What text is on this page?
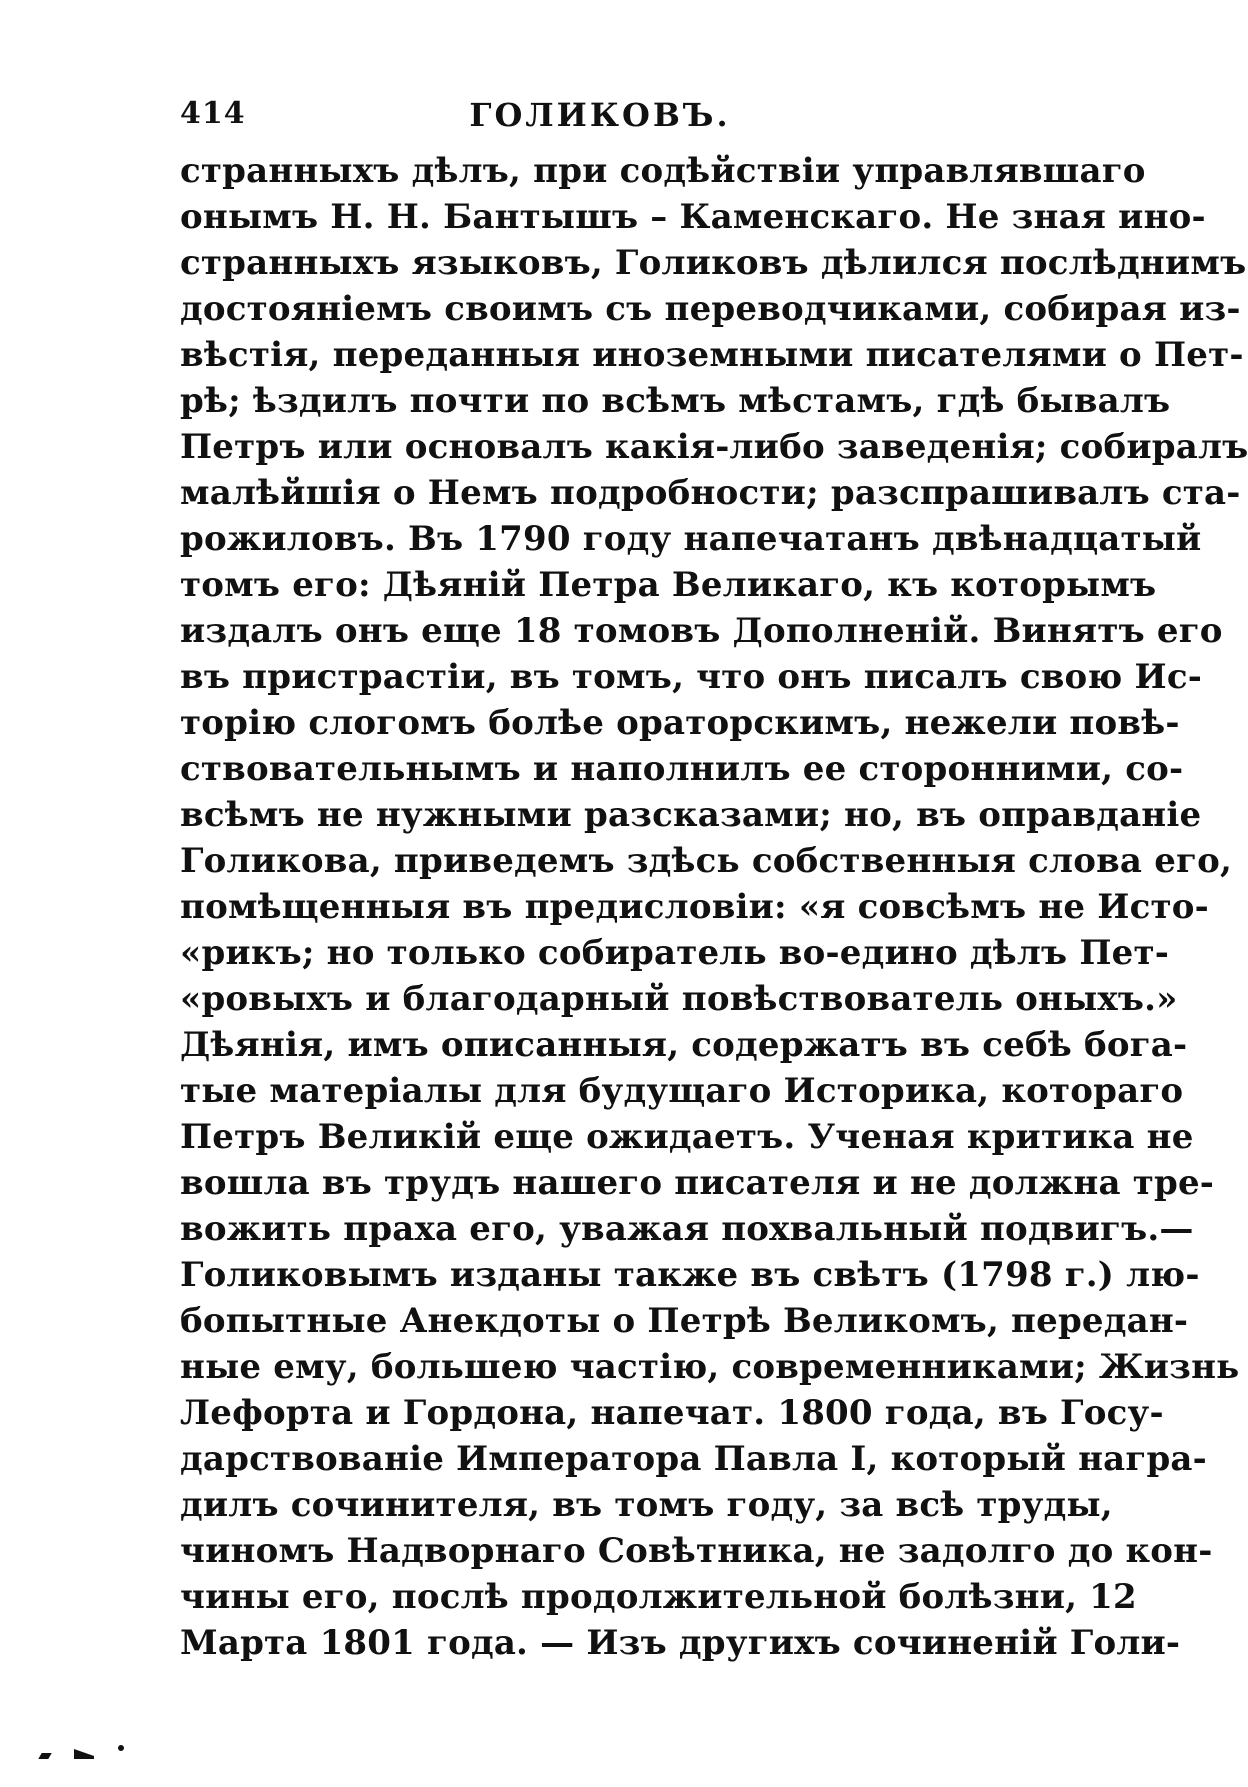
414	ГОЛИКОВЪ.
странныхъ дѣлъ, при содѣйствіи управлявшаго
онымъ Н. Н. Бантышъ – Каменскаго. Не зная ино-
странныхъ языковъ, Голиковъ дѣлился послѣднимъ
достояніемъ своимъ съ переводчиками, собирая из-
вѣстія, переданныя иноземными писателями о Пет-
рѣ; ѣздилъ почти по всѣмъ мѣстамъ, гдѣ бывалъ
Петръ или основалъ какія-либо заведенія; собиралъ
малѣйшія о Немъ подробности; разспрашивалъ ста-
рожиловъ. Въ 1790 году напечатанъ двѣнадцатый
томъ его: Дѣяній Петра Великаго, къ которымъ
издалъ онъ еще 18 томовъ Дополненій. Винятъ его
въ пристрастіи, въ томъ, что онъ писалъ свою Ис-
торію слогомъ болѣе ораторскимъ, нежели повѣ-
ствовательнымъ и наполнилъ ее сторонними, со-
всѣмъ не нужными разсказами; но, въ оправданіе
Голикова, приведемъ здѣсь собственныя слова его,
помѣщенныя въ предисловіи: «я совсѣмъ не Исто-
«рикъ; но только собиратель во-едино дѣлъ Пет-
«ровыхъ и благодарный повѣствователь оныхъ.»
Дѣянія, имъ описанныя, содержатъ въ себѣ бога-
тые матеріалы для будущаго Историка, котораго
Петръ Великій еще ожидаетъ. Ученая критика не
вошла въ трудъ нашего писателя и не должна тре-
вожить праха его, уважая похвальный подвигъ.—
Голиковымъ изданы также въ свѣтъ (1798 г.) лю-
бопытные Анекдоты о Петрѣ Великомъ, передан-
ные ему, большею частію, современниками; Жизнь
Лефорта и Гордона, напечат. 1800 года, въ Госу-
дарствованіе Императора Павла I, который награ-
дилъ сочинителя, въ томъ году, за всѣ труды,
чиномъ Надворнаго Совѣтника, не задолго до кон-
чины его, послѣ продолжительной болѣзни, 12
Марта 1801 года. — Изъ другихъ сочиненій Голи-
